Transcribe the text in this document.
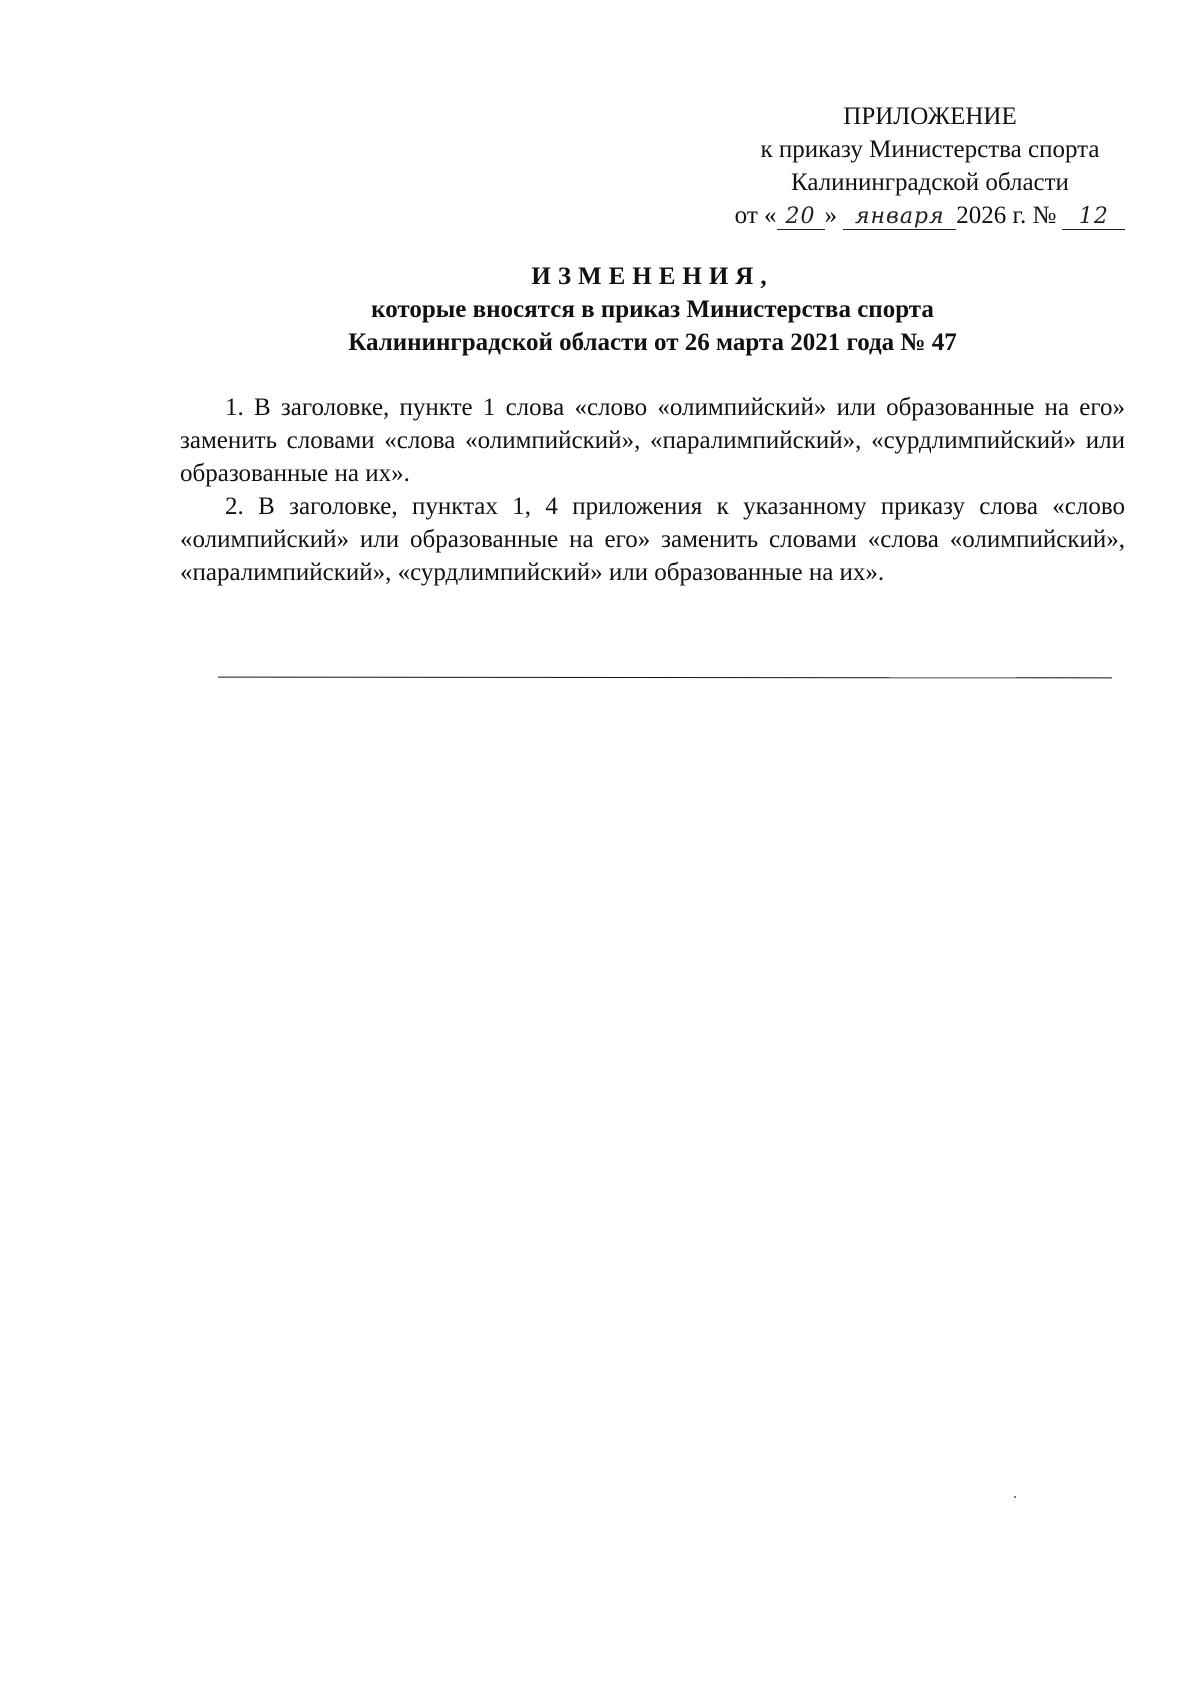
ПРИЛОЖЕНИЕ
к приказу Министерства спорта
Калининградской области
от « 20 » января 2026 г. № 12
ИЗМЕНЕНИЯ,
которые вносятся в приказ Министерства спорта
Калининградской области от 26 марта 2021 года № 47

1. В заголовке, пункте 1 слова «слово «олимпийский» или образованные на его» заменить словами «слова «олимпийский», «паралимпийский», «сурдлимпийский» или образованные на их».

2. В заголовке, пунктах 1, 4 приложения к указанному приказу слова «слово «олимпийский» или образованные на его» заменить словами «слова «олимпийский», «паралимпийский», «сурдлимпийский» или образованные на их».
